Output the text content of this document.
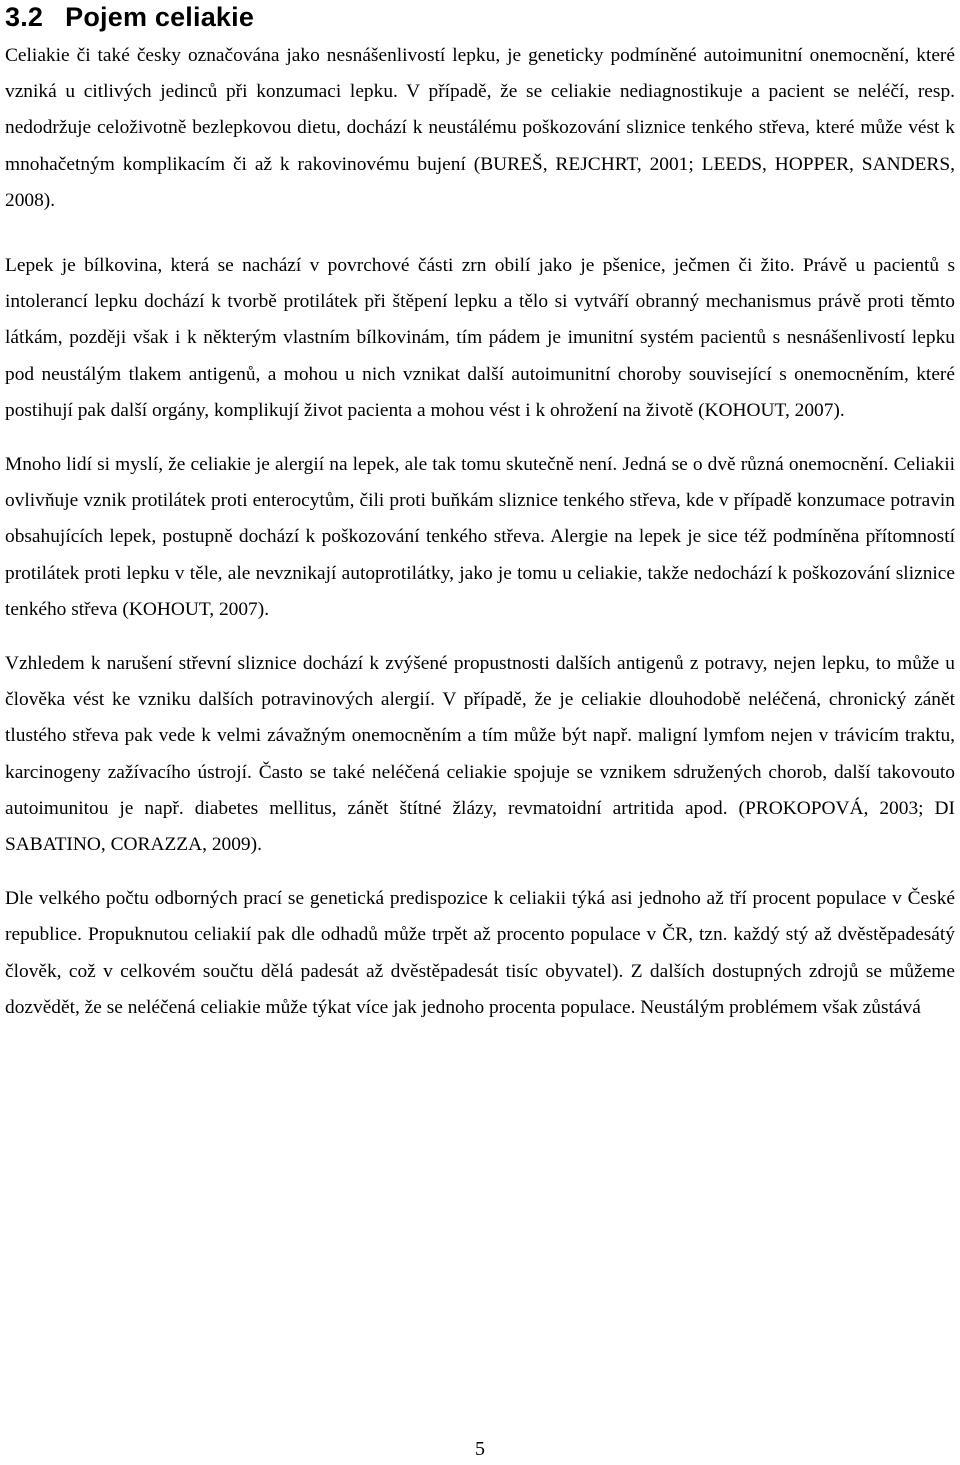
3.2 Pojem celiakie

Celiakie či také česky označována jako nesnášenlivostí lepku, je geneticky podmíněné autoimunitní onemocnění, které vzniká u citlivých jedinců při konzumaci lepku. V případě, že se celiakie nediagnostikuje a pacient se neléčí, resp. nedodržuje celoživotně bezlepkovou dietu, dochází k neustálému poškozování sliznice tenkého střeva, které může vést k mnohačetným komplikacím či až k rakovinovému bujení (BUREŠ, REJCHRT, 2001; LEEDS, HOPPER, SANDERS, 2008).

Lepek je bílkovina, která se nachází v povrchové části zrn obilí jako je pšenice, ječmen či žito. Právě u pacientů s intolerancí lepku dochází k tvorbě protilátek při štěpení lepku a tělo si vytváří obranný mechanismus právě proti těmto látkám, později však i k některým vlastním bílkovinám, tím pádem je imunitní systém pacientů s nesnášenlivostí lepku pod neustálým tlakem antigenů, a mohou u nich vznikat další autoimunitní choroby související s onemocněním, které postihují pak další orgány, komplikují život pacienta a mohou vést i k ohrožení na životě (KOHOUT, 2007).

Mnoho lidí si myslí, že celiakie je alergií na lepek, ale tak tomu skutečně není. Jedná se o dvě různá onemocnění. Celiakii ovlivňuje vznik protilátek proti enterocytům, čili proti buňkám sliznice tenkého střeva, kde v případě konzumace potravin obsahujících lepek, postupně dochází k poškozování tenkého střeva. Alergie na lepek je sice též podmíněna přítomností protilátek proti lepku v těle, ale nevznikají autoprotilátky, jako je tomu u celiakie, takže nedochází k poškozování sliznice tenkého střeva (KOHOUT, 2007).

Vzhledem k narušení střevní sliznice dochází k zvýšené propustnosti dalších antigenů z potravy, nejen lepku, to může u člověka vést ke vzniku dalších potravinových alergií. V případě, že je celiakie dlouhodobě neléčená, chronický zánět tlustého střeva pak vede k velmi závažným onemocněním a tím může být např. maligní lymfom nejen v trávicím traktu, karcinogeny zažívacího ústrojí. Často se také neléčená celiakie spojuje se vznikem sdružených chorob, další takovouto autoimunitou je např. diabetes mellitus, zánět štítné žlázy, revmatoidní artritida apod. (PROKOPOVÁ, 2003; DI SABATINO, CORAZZA, 2009).

Dle velkého počtu odborných prací se genetická predispozice k celiakii týká asi jednoho až tří procent populace v České republice. Propuknutou celiakií pak dle odhadů může trpět až procento populace v ČR, tzn. každý stý až dvěstěpadesátý člověk, což v celkovém součtu dělá padesát až dvěstěpadesát tisíc obyvatel). Z dalších dostupných zdrojů se můžeme dozvědět, že se neléčená celiakie může týkat více jak jednoho procenta populace. Neustálým problémem však zůstává

5
